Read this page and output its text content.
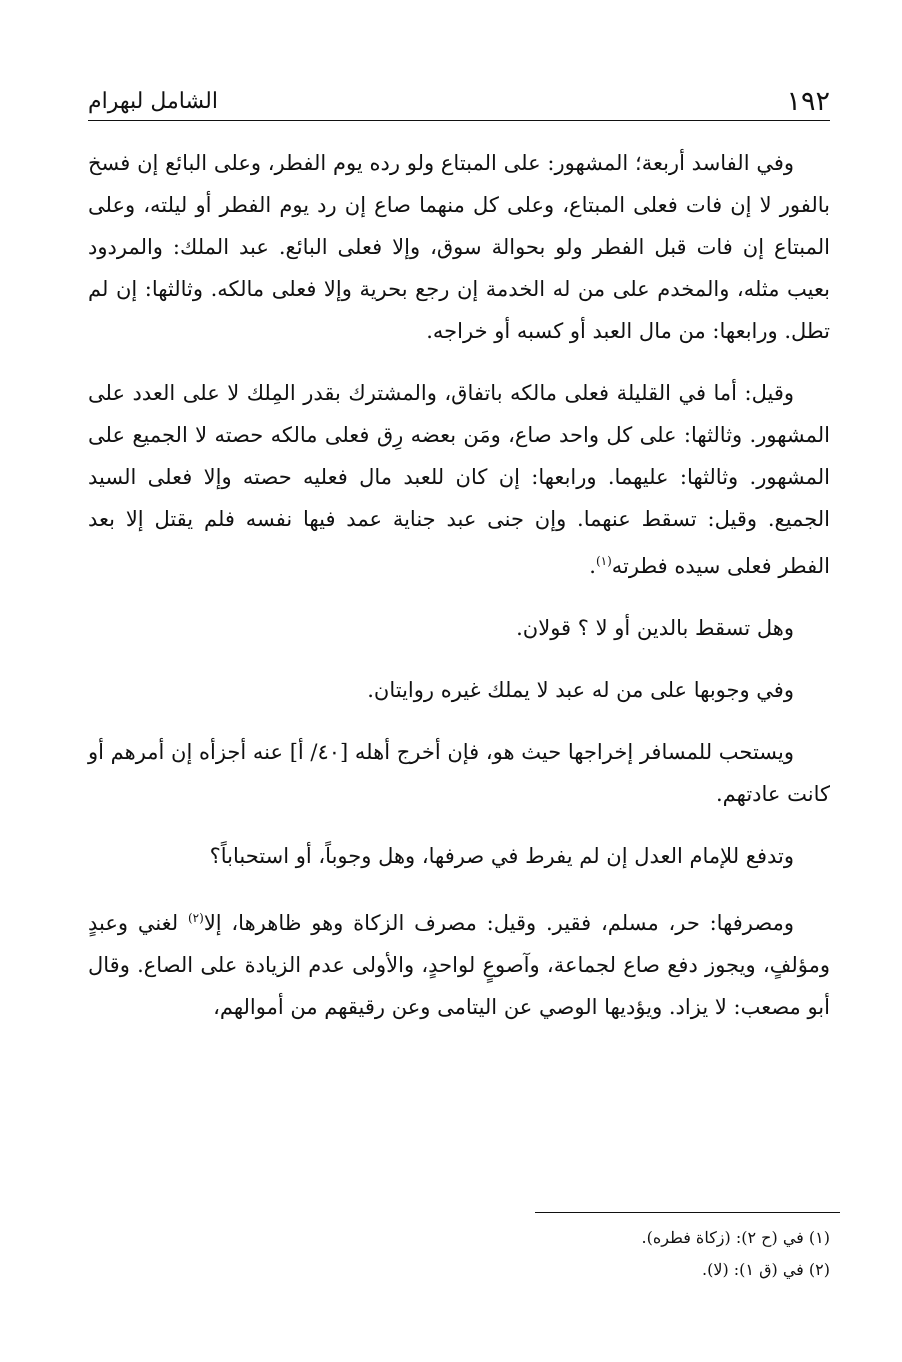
١٩٢
الشامل لبهرام

وفي الفاسد أربعة؛ المشهور: على المبتاع ولو رده يوم الفطر، وعلى البائع إن فسخ بالفور لا إن فات فعلى المبتاع، وعلى كل منهما صاع إن رد يوم الفطر أو ليلته، وعلى المبتاع إن فات قبل الفطر ولو بحوالة سوق، وإلا فعلى البائع. عبد الملك: والمردود بعيب مثله، والمخدم على من له الخدمة إن رجع بحرية وإلا فعلى مالكه. وثالثها: إن لم تطل. ورابعها: من مال العبد أو كسبه أو خراجه.

وقيل: أما في القليلة فعلى مالكه باتفاق، والمشترك بقدر المِلك لا على العدد على المشهور. وثالثها: على كل واحد صاع، ومَن بعضه رِق فعلى مالكه حصته لا الجميع على المشهور. وثالثها: عليهما. ورابعها: إن كان للعبد مال فعليه حصته وإلا فعلى السيد الجميع. وقيل: تسقط عنهما. وإن جنى عبد جناية عمد فيها نفسه فلم يقتل إلا بعد الفطر فعلى سيده فطرته$^{(١)}$.

وهل تسقط بالدين أو لا ؟ قولان.

وفي وجوبها على من له عبد لا يملك غيره روايتان.

ويستحب للمسافر إخراجها حيث هو، فإن أخرج أهله [٤٠/ أ] عنه أجزأه إن أمرهم أو كانت عادتهم.

وتدفع للإمام العدل إن لم يفرط في صرفها، وهل وجوباً، أو استحباباً؟

ومصرفها: حر، مسلم، فقير. وقيل: مصرف الزكاة وهو ظاهرها، إلا$^{(٢)}$ لغني وعبدٍ ومؤلفٍ، ويجوز دفع صاع لجماعة، وآصوعٍ لواحدٍ، والأولى عدم الزيادة على الصاع. وقال أبو مصعب: لا يزاد. ويؤديها الوصي عن اليتامى وعن رقيقهم من أموالهم،

(١) في (ح ٢): (زكاة فطره).

(٢) في (ق ١): (لا).
